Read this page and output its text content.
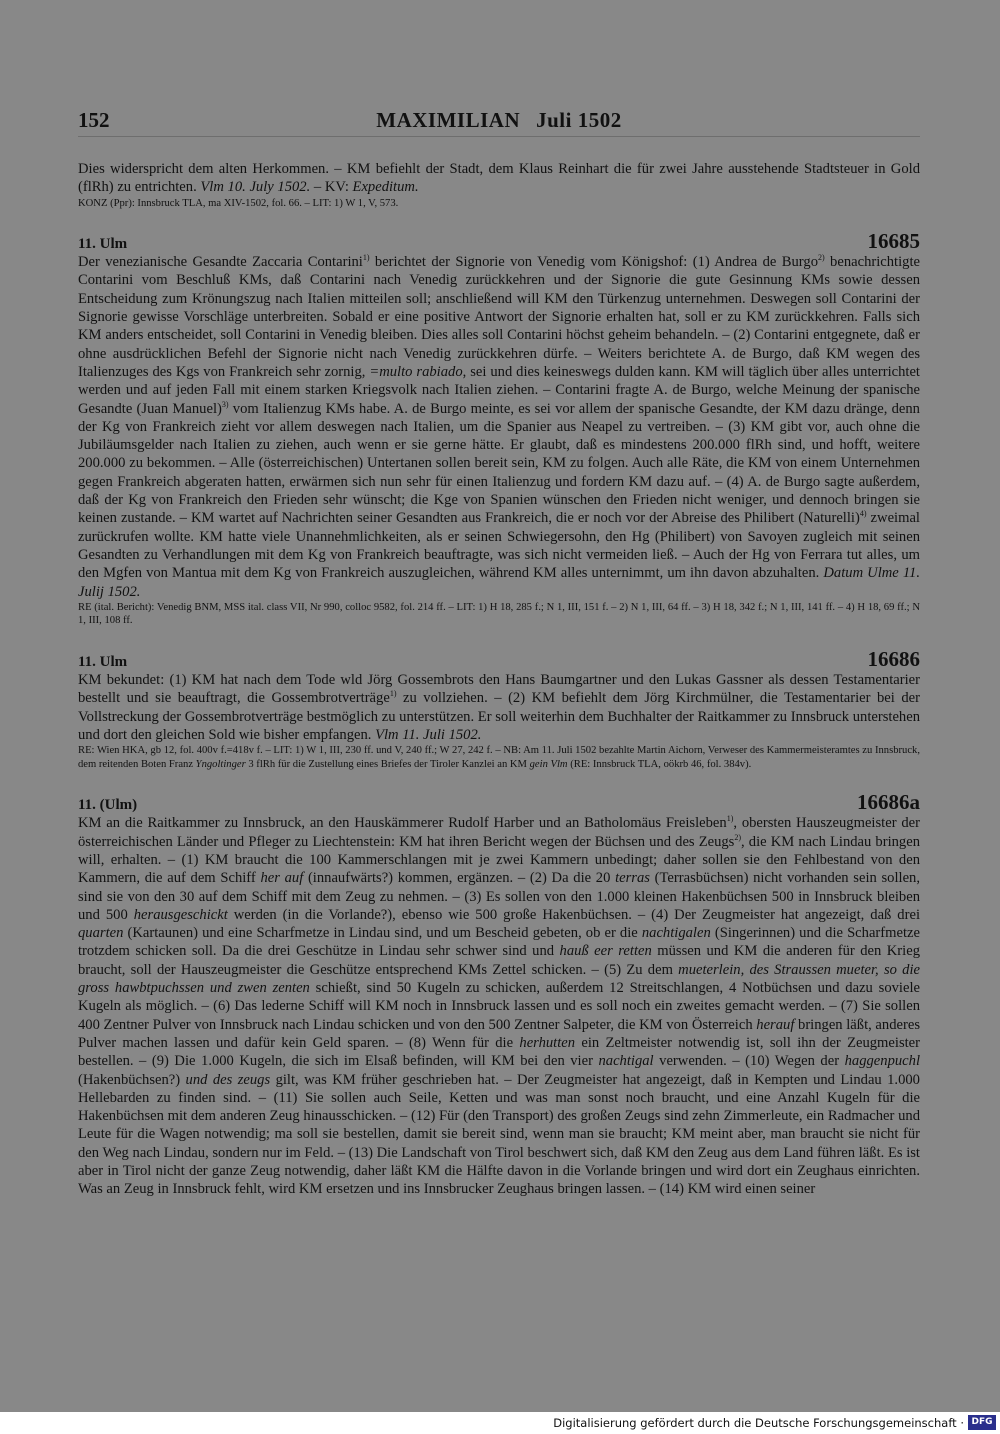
152	MAXIMILIAN Juli 1502

Dies widerspricht dem alten Herkommen. – KM befiehlt der Stadt, dem Klaus Reinhart die für zwei Jahre ausstehende Stadtsteuer in Gold (flRh) zu entrichten. Vlm 10. July 1502. – KV: Expeditum.

KONZ (Ppr): Innsbruck TLA, ma XIV-1502, fol. 66. – LIT: 1) W 1, V, 573.

11. Ulm	16685

Der venezianische Gesandte Zaccaria Contarini$^{1)}$ berichtet der Signorie von Venedig vom Königshof: (1) Andrea de Burgo$^{2)}$ benachrichtigte Contarini vom Beschluß KMs, daß Contarini nach Venedig zurückkehren und der Signorie die gute Gesinnung KMs sowie dessen Entscheidung zum Krönungszug nach Italien mitteilen soll; anschließend will KM den Türkenzug unternehmen. Deswegen soll Contarini der Signorie gewisse Vorschläge unterbreiten. Sobald er eine positive Antwort der Signorie erhalten hat, soll er zu KM zurückkehren. Falls sich KM anders entscheidet, soll Contarini in Venedig bleiben. Dies alles soll Contarini höchst geheim behandeln. – (2) Contarini entgegnete, daß er ohne ausdrücklichen Befehl der Signorie nicht nach Venedig zurückkehren dürfe. – Weiters berichtete A. de Burgo, daß KM wegen des Italienzuges des Kgs von Frankreich sehr zornig, =multo rabiado, sei und dies keineswegs dulden kann. KM will täglich über alles unterrichtet werden und auf jeden Fall mit einem starken Kriegsvolk nach Italien ziehen. – Contarini fragte A. de Burgo, welche Meinung der spanische Gesandte (Juan Manuel)$^{3)}$ vom Italienzug KMs habe. A. de Burgo meinte, es sei vor allem der spanische Gesandte, der KM dazu dränge, denn der Kg von Frankreich zieht vor allem deswegen nach Italien, um die Spanier aus Neapel zu vertreiben. – (3) KM gibt vor, auch ohne die Jubiläumsgelder nach Italien zu ziehen, auch wenn er sie gerne hätte. Er glaubt, daß es mindestens 200.000 flRh sind, und hofft, weitere 200.000 zu bekommen. – Alle (österreichischen) Untertanen sollen bereit sein, KM zu folgen. Auch alle Räte, die KM von einem Unternehmen gegen Frankreich abgeraten hatten, erwärmen sich nun sehr für einen Italienzug und fordern KM dazu auf. – (4) A. de Burgo sagte außerdem, daß der Kg von Frankreich den Frieden sehr wünscht; die Kge von Spanien wünschen den Frieden nicht weniger, und dennoch bringen sie keinen zustande. – KM wartet auf Nachrichten seiner Gesandten aus Frankreich, die er noch vor der Abreise des Philibert (Naturelli)$^{4)}$ zweimal zurückrufen wollte. KM hatte viele Unannehmlichkeiten, als er seinen Schwiegersohn, den Hg (Philibert) von Savoyen zugleich mit seinen Gesandten zu Verhandlungen mit dem Kg von Frankreich beauftragte, was sich nicht vermeiden ließ. – Auch der Hg von Ferrara tut alles, um den Mgfen von Mantua mit dem Kg von Frankreich auszugleichen, während KM alles unternimmt, um ihn davon abzuhalten. Datum Ulme 11. Julij 1502.

RE (ital. Bericht): Venedig BNM, MSS ital. class VII, Nr 990, colloc 9582, fol. 214 ff. – LIT: 1) H 18, 285 f.; N 1, III, 151 f. – 2) N 1, III, 64 ff. – 3) H 18, 342 f.; N 1, III, 141 ff. – 4) H 18, 69 ff.; N 1, III, 108 ff.

11. Ulm	16686

KM bekundet: (1) KM hat nach dem Tode wld Jörg Gossembrots den Hans Baumgartner und den Lukas Gassner als dessen Testamentarier bestellt und sie beauftragt, die Gossembrotverträge$^{1)}$ zu vollziehen. – (2) KM befiehlt dem Jörg Kirchmülner, die Testamentarier bei der Vollstreckung der Gossembrotverträge bestmöglich zu unterstützen. Er soll weiterhin dem Buchhalter der Raitkammer zu Innsbruck unterstehen und dort den gleichen Sold wie bisher empfangen. Vlm 11. Juli 1502.

RE: Wien HKA, gb 12, fol. 400v f.=418v f. – LIT: 1) W 1, III, 230 ff. und V, 240 ff.; W 27, 242 f. – NB: Am 11. Juli 1502 bezahlte Martin Aichorn, Verweser des Kammermeisteramtes zu Innsbruck, dem reitenden Boten Franz Yngoltinger 3 flRh für die Zustellung eines Briefes der Tiroler Kanzlei an KM gein Vlm (RE: Innsbruck TLA, oökrb 46, fol. 384v).

11. (Ulm)	16686a

KM an die Raitkammer zu Innsbruck, an den Hauskämmerer Rudolf Harber und an Batholomäus Freisleben$^{1)}$, obersten Hauszeugmeister der österreichischen Länder und Pfleger zu Liechtenstein: KM hat ihren Bericht wegen der Büchsen und des Zeugs$^{2)}$, die KM nach Lindau bringen will, erhalten. – (1) KM braucht die 100 Kammerschlangen mit je zwei Kammern unbedingt; daher sollen sie den Fehlbestand von den Kammern, die auf dem Schiff her auf (innaufwärts?) kommen, ergänzen. – (2) Da die 20 terras (Terrasbüchsen) nicht vorhanden sein sollen, sind sie von den 30 auf dem Schiff mit dem Zeug zu nehmen. – (3) Es sollen von den 1.000 kleinen Hakenbüchsen 500 in Innsbruck bleiben und 500 herausgeschickt werden (in die Vorlande?), ebenso wie 500 große Hakenbüchsen. – (4) Der Zeugmeister hat angezeigt, daß drei quarten (Kartaunen) und eine Scharfmetze in Lindau sind, und um Bescheid gebeten, ob er die nachtigalen (Singerinnen) und die Scharfmetze trotzdem schicken soll. Da die drei Geschütze in Lindau sehr schwer sind und hauß eer retten müssen und KM die anderen für den Krieg braucht, soll der Hauszeugmeister die Geschütze entsprechend KMs Zettel schicken. – (5) Zu dem mueterlein, des Straussen mueter, so die gross hawbtpuchssen und zwen zenten schießt, sind 50 Kugeln zu schicken, außerdem 12 Streitschlangen, 4 Notbüchsen und dazu soviele Kugeln als möglich. – (6) Das lederne Schiff will KM noch in Innsbruck lassen und es soll noch ein zweites gemacht werden. – (7) Sie sollen 400 Zentner Pulver von Innsbruck nach Lindau schicken und von den 500 Zentner Salpeter, die KM von Österreich herauf bringen läßt, anderes Pulver machen lassen und dafür kein Geld sparen. – (8) Wenn für die herhutten ein Zeltmeister notwendig ist, soll ihn der Zeugmeister bestellen. – (9) Die 1.000 Kugeln, die sich im Elsaß befinden, will KM bei den vier nachtigal verwenden. – (10) Wegen der haggenpuchl (Hakenbüchsen?) und des zeugs gilt, was KM früher geschrieben hat. – Der Zeugmeister hat angezeigt, daß in Kempten und Lindau 1.000 Hellebarden zu finden sind. – (11) Sie sollen auch Seile, Ketten und was man sonst noch braucht, und eine Anzahl Kugeln für die Hakenbüchsen mit dem anderen Zeug hinausschicken. – (12) Für (den Transport) des großen Zeugs sind zehn Zimmerleute, ein Radmacher und Leute für die Wagen notwendig; ma soll sie bestellen, damit sie bereit sind, wenn man sie braucht; KM meint aber, man braucht sie nicht für den Weg nach Lindau, sondern nur im Feld. – (13) Die Landschaft von Tirol beschwert sich, daß KM den Zeug aus dem Land führen läßt. Es ist aber in Tirol nicht der ganze Zeug notwendig, daher läßt KM die Hälfte davon in die Vorlande bringen und wird dort ein Zeughaus einrichten. Was an Zeug in Innsbruck fehlt, wird KM ersetzen und ins Innsbrucker Zeughaus bringen lassen. – (14) KM wird einen seiner

Digitalisierung gefördert durch die Deutsche Forschungsgemeinschaft · DFG
